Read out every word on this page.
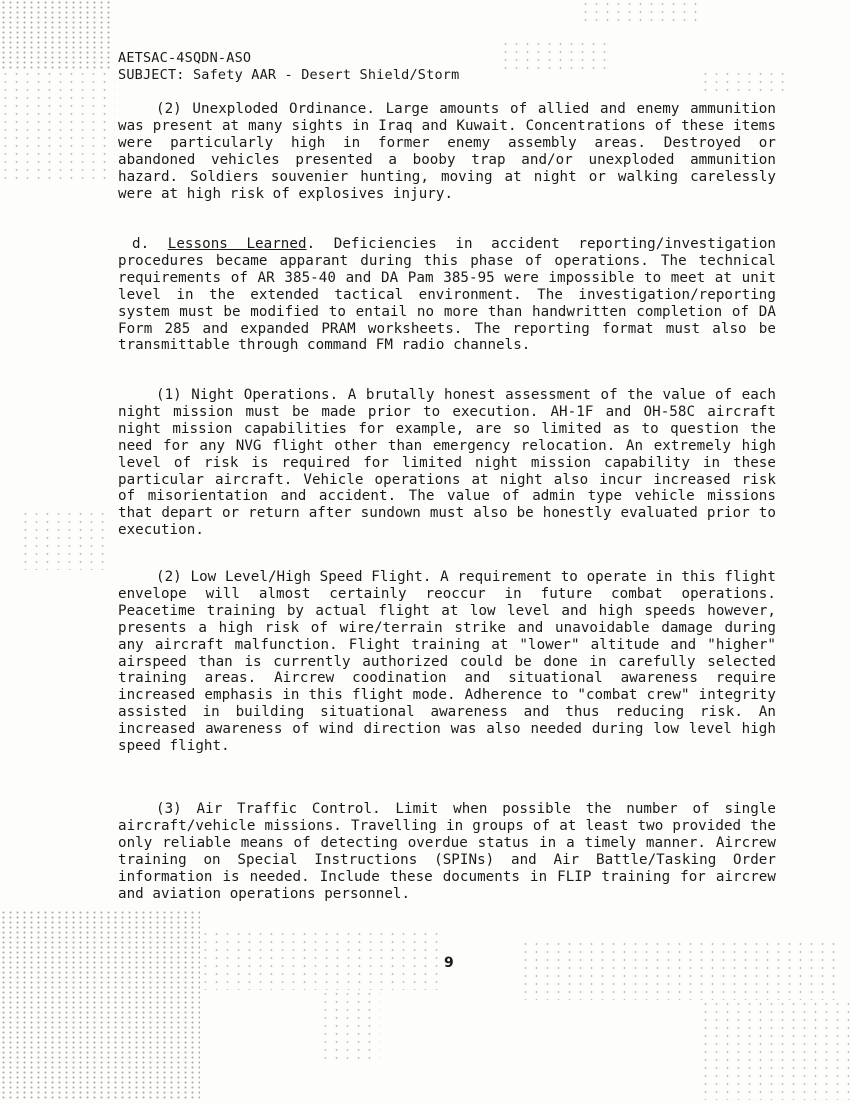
AETSAC-4SQDN-ASO
SUBJECT: Safety AAR - Desert Shield/Storm
(2) Unexploded Ordinance. Large amounts of allied and enemy ammunition was present at many sights in Iraq and Kuwait. Concentrations of these items were particularly high in former enemy assembly areas. Destroyed or abandoned vehicles presented a booby trap and/or unexploded ammunition hazard. Soldiers souvenier hunting, moving at night or walking carelessly were at high risk of explosives injury.
d. Lessons Learned. Deficiencies in accident reporting/investigation procedures became apparant during this phase of operations. The technical requirements of AR 385-40 and DA Pam 385-95 were impossible to meet at unit level in the extended tactical environment. The investigation/reporting system must be modified to entail no more than handwritten completion of DA Form 285 and expanded PRAM worksheets. The reporting format must also be transmittable through command FM radio channels.
(1) Night Operations. A brutally honest assessment of the value of each night mission must be made prior to execution. AH-1F and OH-58C aircraft night mission capabilities for example, are so limited as to question the need for any NVG flight other than emergency relocation. An extremely high level of risk is required for limited night mission capability in these particular aircraft. Vehicle operations at night also incur increased risk of misorientation and accident. The value of admin type vehicle missions that depart or return after sundown must also be honestly evaluated prior to execution.
(2) Low Level/High Speed Flight. A requirement to operate in this flight envelope will almost certainly reoccur in future combat operations. Peacetime training by actual flight at low level and high speeds however, presents a high risk of wire/terrain strike and unavoidable damage during any aircraft malfunction. Flight training at "lower" altitude and "higher" airspeed than is currently authorized could be done in carefully selected training areas. Aircrew coodination and situational awareness require increased emphasis in this flight mode. Adherence to "combat crew" integrity assisted in building situational awareness and thus reducing risk. An increased awareness of wind direction was also needed during low level high speed flight.
(3) Air Traffic Control. Limit when possible the number of single aircraft/vehicle missions. Travelling in groups of at least two provided the only reliable means of detecting overdue status in a timely manner. Aircrew training on Special Instructions (SPINs) and Air Battle/Tasking Order information is needed. Include these documents in FLIP training for aircrew and aviation operations personnel.
9
